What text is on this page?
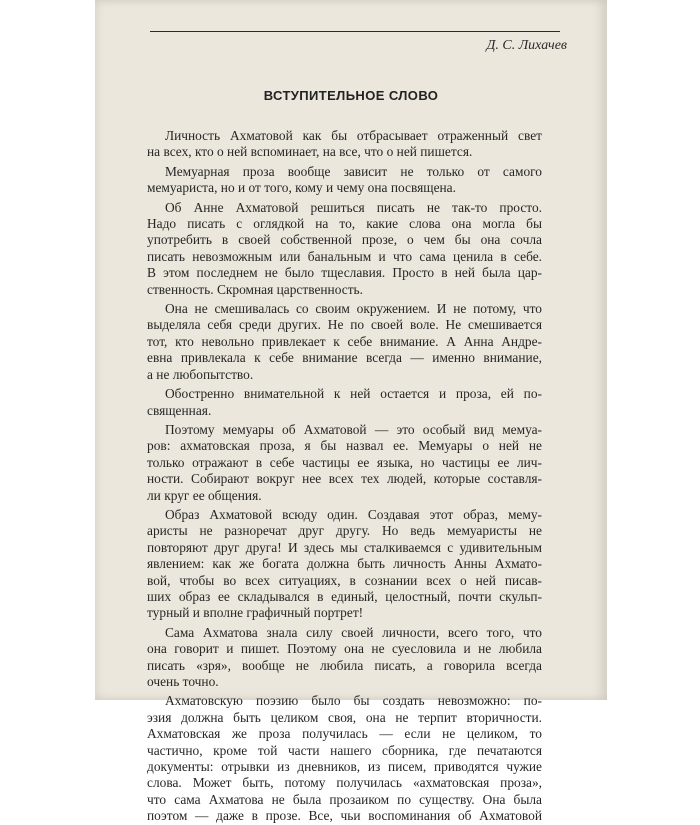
Д. С. Лихачев
ВСТУПИТЕЛЬНОЕ СЛОВО
Личность Ахматовой как бы отбрасывает отраженный свет
на всех, кто о ней вспоминает, на все, что о ней пишется.
Мемуарная проза вообще зависит не только от самого
мемуариста, но и от того, кому и чему она посвящена.
Об Анне Ахматовой решиться писать не так-то просто.
Надо писать с оглядкой на то, какие слова она могла бы
употребить в своей собственной прозе, о чем бы она сочла
писать невозможным или банальным и что сама ценила в себе.
В этом последнем не было тщеславия. Просто в ней была цар-
ственность. Скромная царственность.
Она не смешивалась со своим окружением. И не потому, что
выделяла себя среди других. Не по своей воле. Не смешивается
тот, кто невольно привлекает к себе внимание. А Анна Андре-
евна привлекала к себе внимание всегда — именно внимание,
а не любопытство.
Обостренно внимательной к ней остается и проза, ей по-
священная.
Поэтому мемуары об Ахматовой — это особый вид мемуа-
ров: ахматовская проза, я бы назвал ее. Мемуары о ней не
только отражают в себе частицы ее языка, но частицы ее лич-
ности. Собирают вокруг нее всех тех людей, которые составля-
ли круг ее общения.
Образ Ахматовой всюду один. Создавая этот образ, мему-
аристы не разноречат друг другу. Но ведь мемуаристы не
повторяют друг друга! И здесь мы сталкиваемся с удивительным
явлением: как же богата должна быть личность Анны Ахмато-
вой, чтобы во всех ситуациях, в сознании всех о ней писав-
ших образ ее складывался в единый, целостный, почти скульп-
турный и вполне графичный портрет!
Сама Ахматова знала силу своей личности, всего того, что
она говорит и пишет. Поэтому она не суесловила и не любила
писать «зря», вообще не любила писать, а говорила всегда
очень точно.
Ахматовскую поэзию было бы создать невозможно: по-
эзия должна быть целиком своя, она не терпит вторичности.
Ахматовская же проза получилась — если не целиком, то
частично, кроме той части нашего сборника, где печатаются
документы: отрывки из дневников, из писем, приводятся чужие
слова. Может быть, потому получилась «ахматовская проза»,
что сама Ахматова не была прозаиком по существу. Она была
поэтом — даже в прозе. Все, чьи воспоминания об Ахматовой
